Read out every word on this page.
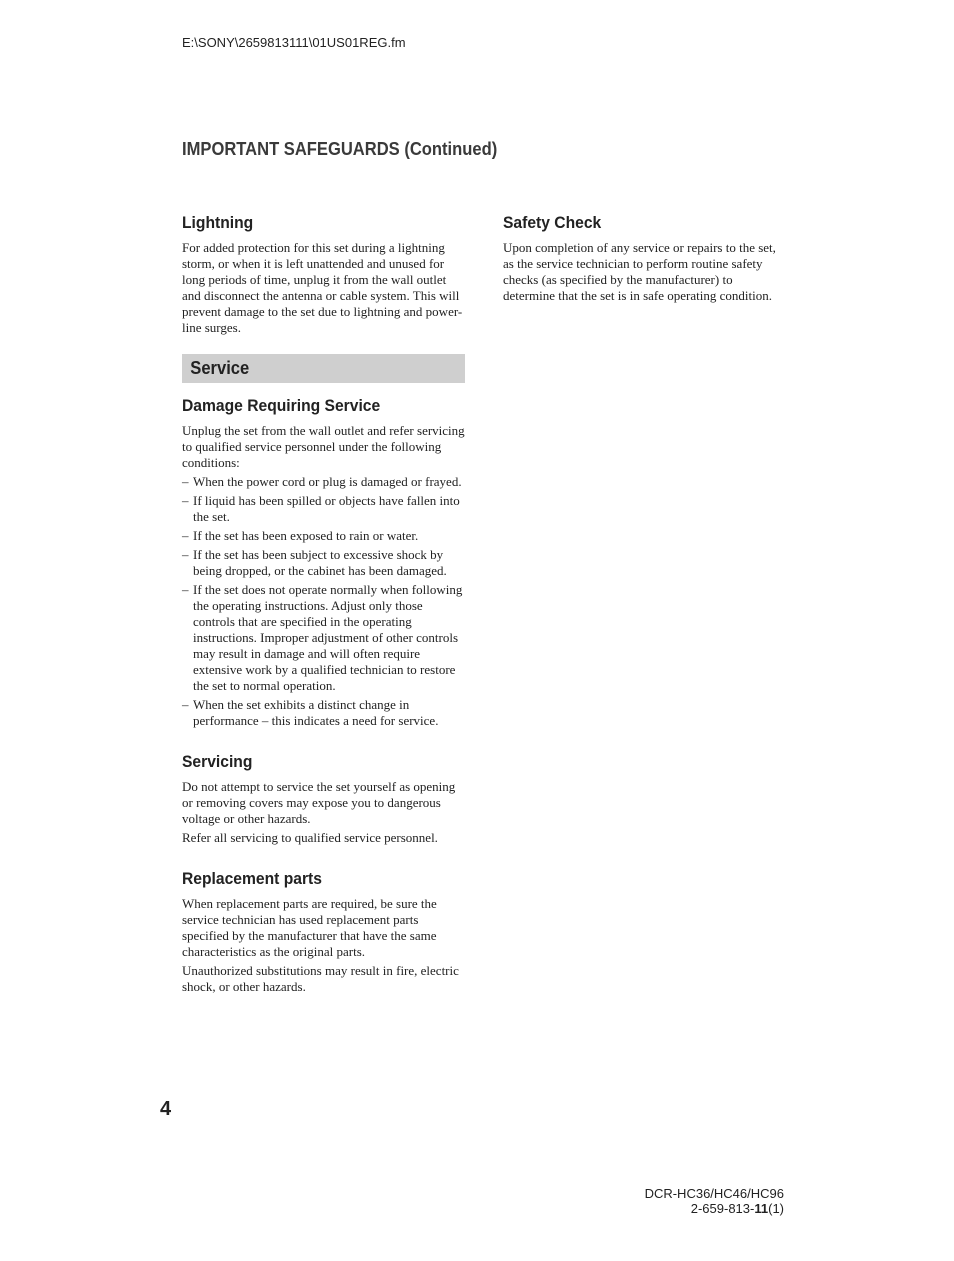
E:\SONY\2659813111\01US01REG.fm
IMPORTANT SAFEGUARDS (Continued)
Lightning

For added protection for this set during a lightning storm, or when it is left unattended and unused for long periods of time, unplug it from the wall outlet and disconnect the antenna or cable system. This will prevent damage to the set due to lightning and power-line surges.

Service
Damage Requiring Service

Unplug the set from the wall outlet and refer servicing to qualified service personnel under the following conditions:

– When the power cord or plug is damaged or frayed.
– If liquid has been spilled or objects have fallen into the set.
– If the set has been exposed to rain or water.
– If the set has been subject to excessive shock by being dropped, or the cabinet has been damaged.
– If the set does not operate normally when following the operating instructions. Adjust only those controls that are specified in the operating instructions. Improper adjustment of other controls may result in damage and will often require extensive work by a qualified technician to restore the set to normal operation.
– When the set exhibits a distinct change in performance – this indicates a need for service.
Servicing

Do not attempt to service the set yourself as opening or removing covers may expose you to dangerous voltage or other hazards.

Refer all servicing to qualified service personnel.

Replacement parts

When replacement parts are required, be sure the service technician has used replacement parts specified by the manufacturer that have the same characteristics as the original parts.

Unauthorized substitutions may result in fire, electric shock, or other hazards.

Safety Check

Upon completion of any service or repairs to the set, as the service technician to perform routine safety checks (as specified by the manufacturer) to determine that the set is in safe operating condition.

4
DCR-HC36/HC46/HC96
2-659-813-11(1)
